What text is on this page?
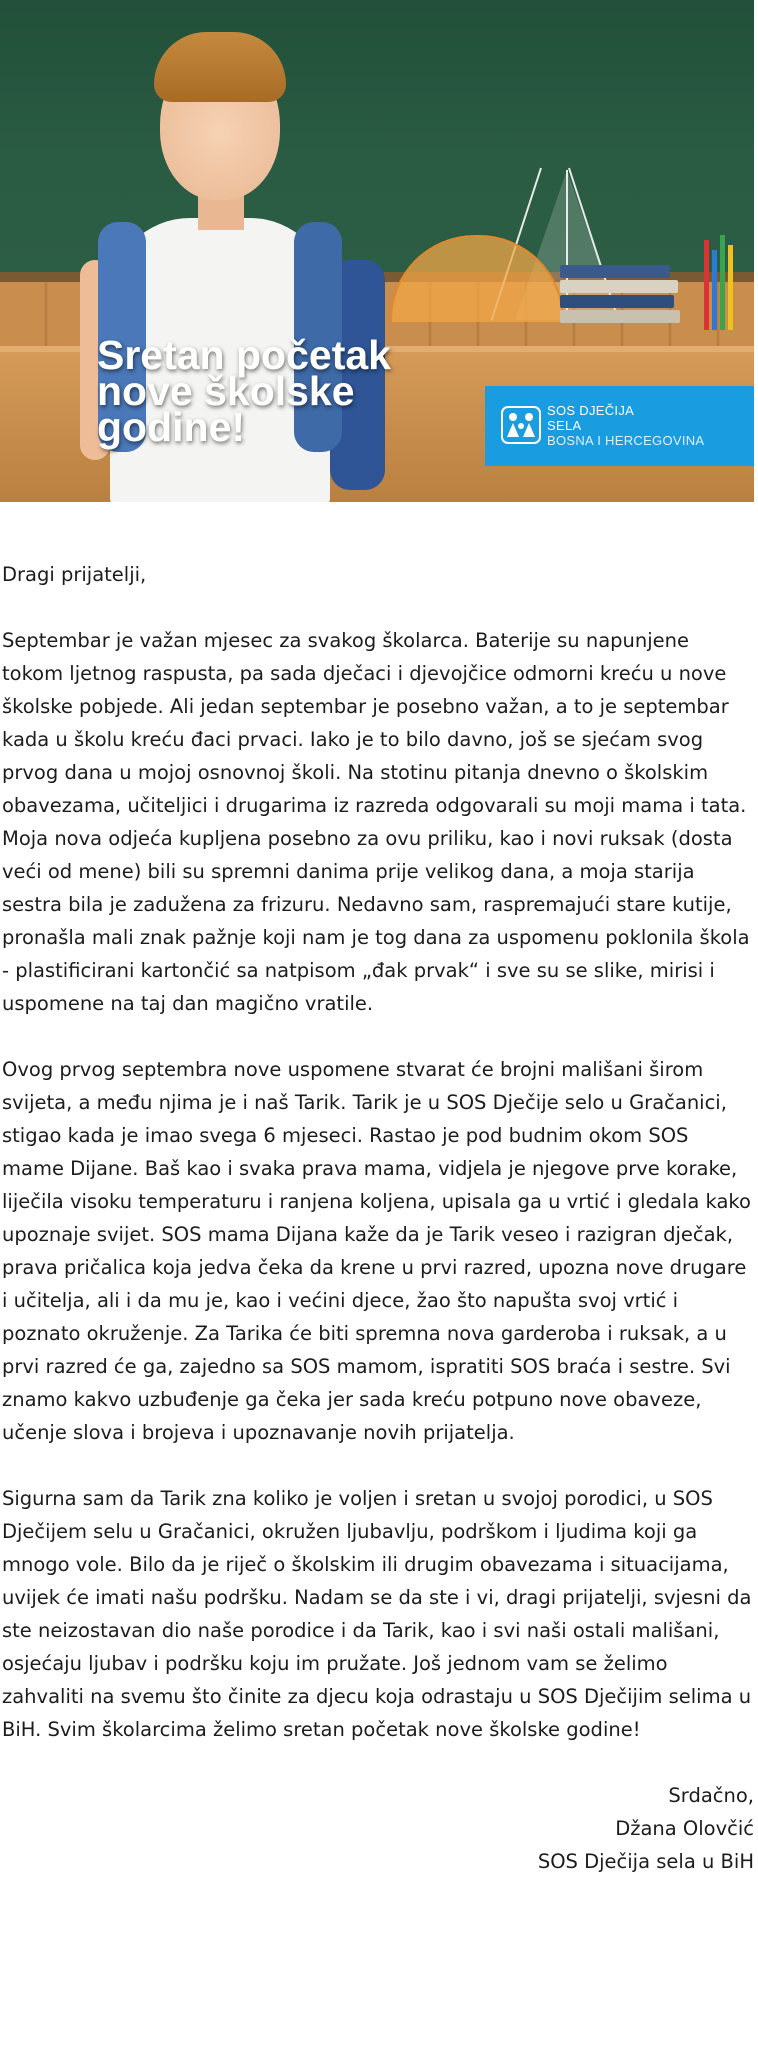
Sretan početak
nove školske
godine!	SOS DJEČIJA
SELA
BOSNA I HERCEGOVINA

Dragi prijatelji,

Septembar je važan mjesec za svakog školarca. Baterije su napunjene tokom ljetnog raspusta, pa sada dječaci i djevojčice odmorni kreću u nove školske pobjede. Ali jedan septembar je posebno važan, a to je septembar kada u školu kreću đaci prvaci. Iako je to bilo davno, još se sjećam svog prvog dana u mojoj osnovnoj školi. Na stotinu pitanja dnevno o školskim obavezama, učiteljici i drugarima iz razreda odgovarali su moji mama i tata. Moja nova odjeća kupljena posebno za ovu priliku, kao i novi ruksak (dosta veći od mene) bili su spremni danima prije velikog dana, a moja starija sestra bila je zadužena za frizuru. Nedavno sam, raspremajući stare kutije, pronašla mali znak pažnje koji nam je tog dana za uspomenu poklonila škola - plastificirani kartončić sa natpisom „đak prvak“ i sve su se slike, mirisi i uspomene na taj dan magično vratile.

Ovog prvog septembra nove uspomene stvarat će brojni mališani širom svijeta, a među njima je i naš Tarik. Tarik je u SOS Dječije selo u Gračanici, stigao kada je imao svega 6 mjeseci. Rastao je pod budnim okom SOS mame Dijane. Baš kao i svaka prava mama, vidjela je njegove prve korake, liječila visoku temperaturu i ranjena koljena, upisala ga u vrtić i gledala kako upoznaje svijet. SOS mama Dijana kaže da je Tarik veseo i razigran dječak, prava pričalica koja jedva čeka da krene u prvi razred, upozna nove drugare i učitelja, ali i da mu je, kao i većini djece, žao što napušta svoj vrtić i poznato okruženje. Za Tarika će biti spremna nova garderoba i ruksak, a u prvi razred će ga, zajedno sa SOS mamom, ispratiti SOS braća i sestre. Svi znamo kakvo uzbuđenje ga čeka jer sada kreću potpuno nove obaveze, učenje slova i brojeva i upoznavanje novih prijatelja.

Sigurna sam da Tarik zna koliko je voljen i sretan u svojoj porodici, u SOS Dječijem selu u Gračanici, okružen ljubavlju, podrškom i ljudima koji ga mnogo vole. Bilo da je riječ o školskim ili drugim obavezama i situacijama, uvijek će imati našu podršku. Nadam se da ste i vi, dragi prijatelji, svjesni da ste neizostavan dio naše porodice i da Tarik, kao i svi naši ostali mališani, osjećaju ljubav i podršku koju im pružate. Još jednom vam se želimo zahvaliti na svemu što činite za djecu koja odrastaju u SOS Dječijim selima u BiH. Svim školarcima želimo sretan početak nove školske godine!

Srdačno,
Džana Olovčić
SOS Dječija sela u BiH
